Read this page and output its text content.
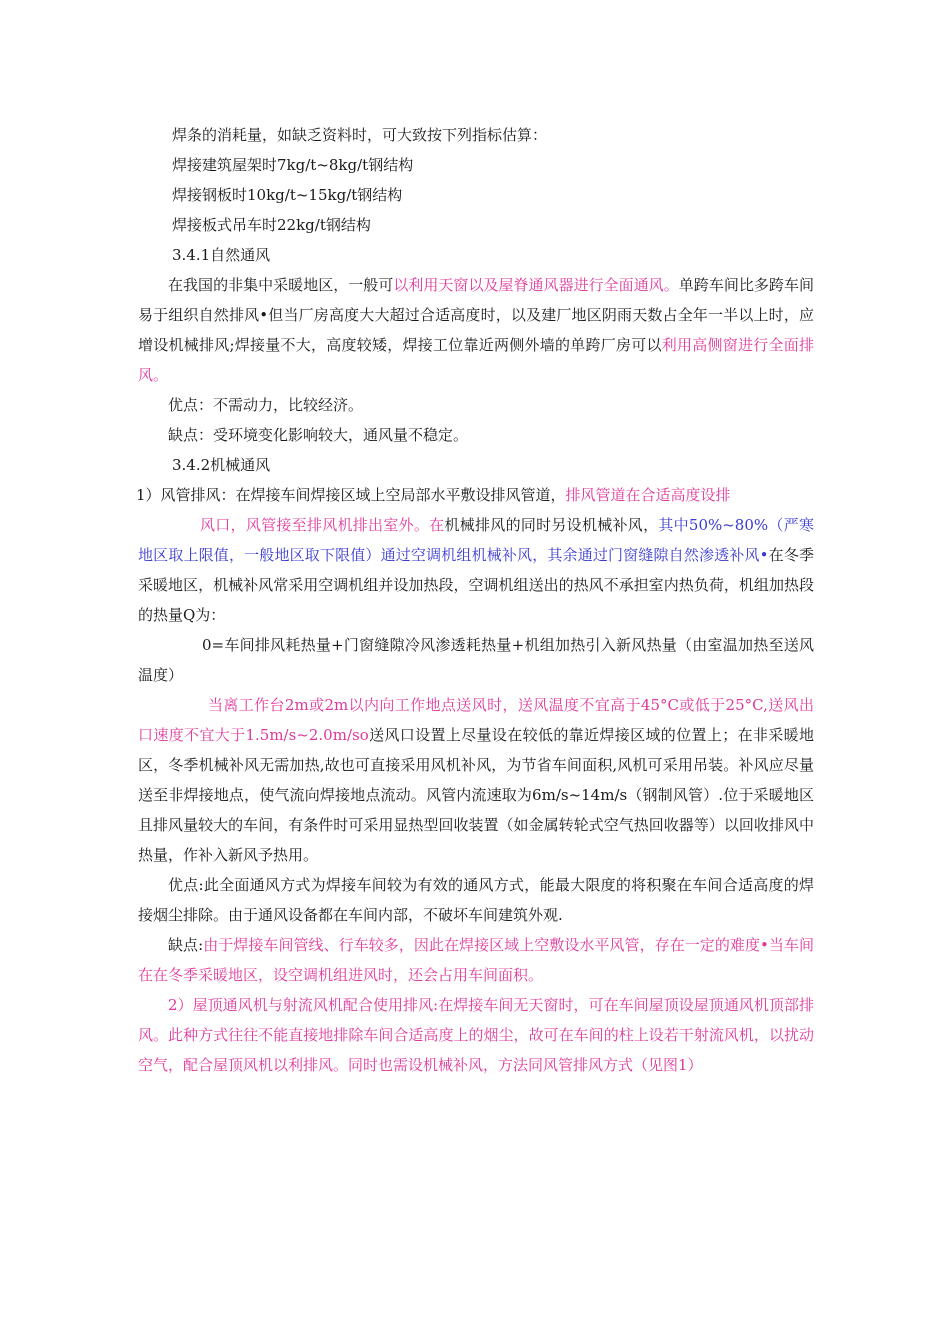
焊条的消耗量，如缺乏资料时，可大致按下列指标估算：

焊接建筑屋架时7kg/t~8kg/t钢结构

焊接钢板时10kg/t~15kg/t钢结构

焊接板式吊车时22kg/t钢结构

3.4.1自然通风

在我国的非集中采暖地区，一般可以利用天窗以及屋脊通风器进行全面通风。单跨车间比多跨车间易于组织自然排风•但当厂房高度大大超过合适高度时，以及建厂地区阴雨天数占全年一半以上时，应增设机械排风;焊接量不大，高度较矮，焊接工位靠近两侧外墙的单跨厂房可以利用高侧窗进行全面排风。

优点：不需动力，比较经济。

缺点：受环境变化影响较大，通风量不稳定。

3.4.2机械通风

1）风管排风：在焊接车间焊接区域上空局部水平敷设排风管道，排风管道在合适高度设排

风口，风管接至排风机排出室外。在机械排风的同时另设机械补风，其中50%~80%（严寒地区取上限值，一般地区取下限值）通过空调机组机械补风，其余通过门窗缝隙自然渗透补风•在冬季采暖地区，机械补风常采用空调机组并设加热段，空调机组送出的热风不承担室内热负荷，机组加热段的热量Q为：

0=车间排风耗热量+门窗缝隙冷风渗透耗热量+机组加热引入新风热量（由室温加热至送风温度）

当离工作台2m或2m以内向工作地点送风时，送风温度不宜高于45°C或低于25°C,送风出口速度不宜大于1.5m/s~2.0m/so送风口设置上尽量设在较低的靠近焊接区域的位置上；在非采暖地区，冬季机械补风无需加热,故也可直接采用风机补风，为节省车间面积,风机可采用吊装。补风应尽量送至非焊接地点，使气流向焊接地点流动。风管内流速取为6m/s~14m/s（钢制风管）.位于采暖地区且排风量较大的车间，有条件时可采用显热型回收装置（如金属转轮式空气热回收器等）以回收排风中热量，作补入新风予热用。

优点:此全面通风方式为焊接车间较为有效的通风方式，能最大限度的将积聚在车间合适高度的焊接烟尘排除。由于通风设备都在车间内部，不破坏车间建筑外观.

缺点:由于焊接车间管线、行车较多，因此在焊接区域上空敷设水平风管，存在一定的难度•当车间在在冬季采暖地区，设空调机组进风时，还会占用车间面积。

2）屋顶通风机与射流风机配合使用排风:在焊接车间无天窗时，可在车间屋顶设屋顶通风机顶部排风。此种方式往往不能直接地排除车间合适高度上的烟尘，故可在车间的柱上设若干射流风机，以扰动空气，配合屋顶风机以利排风。同时也需设机械补风，方法同风管排风方式（见图1）
